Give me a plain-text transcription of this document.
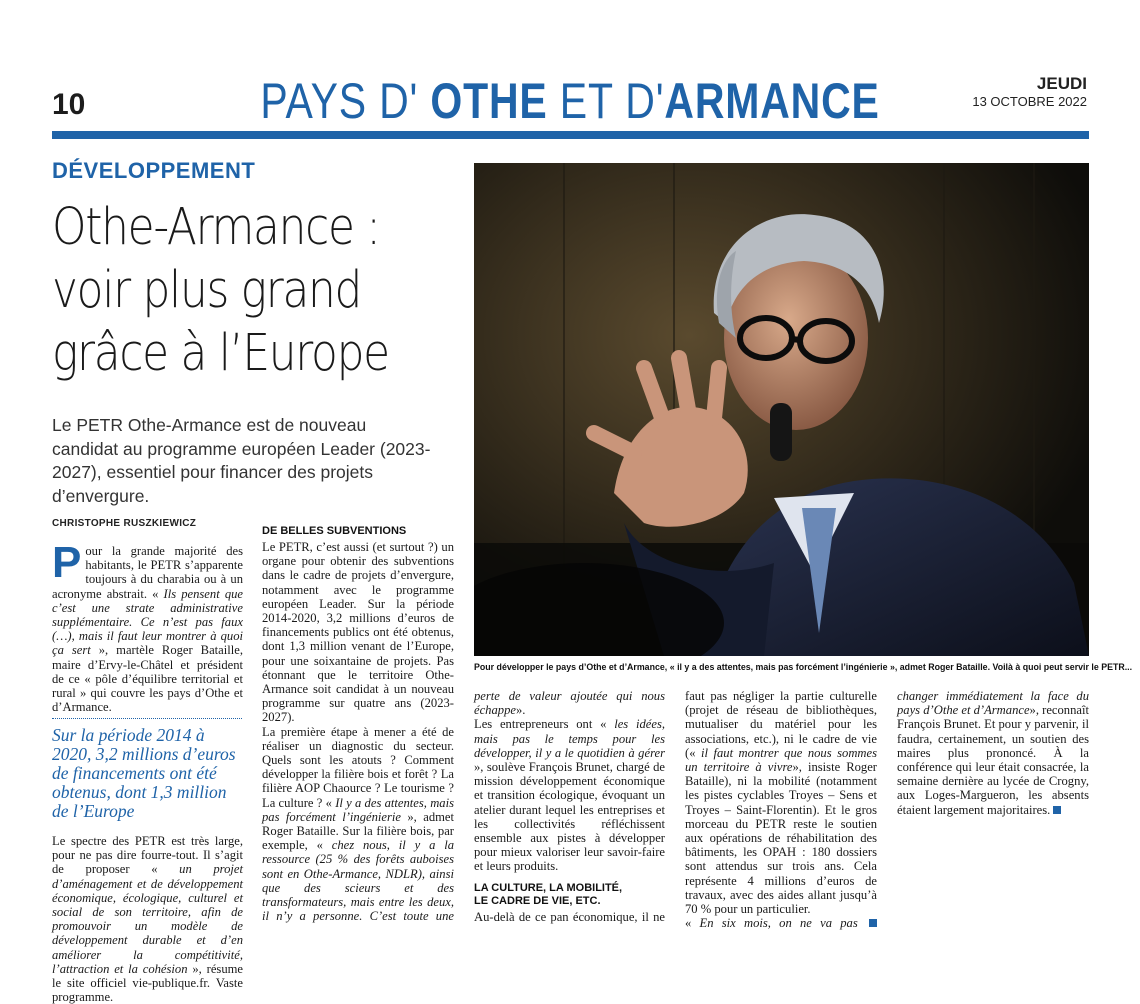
10	PAYS D' OTHE ET D'ARMANCE	JEUDI
13 OCTOBRE 2022
DÉVELOPPEMENT
Othe-Armance :
voir plus grand
grâce à l’Europe
Le PETR Othe-Armance est de nouveau candidat au programme européen Leader (2023-2027), essentiel pour financer des projets d’envergure.
CHRISTOPHE RUSZKIEWICZ

Pour la grande majorité des habitants, le PETR s’apparente toujours à du charabia ou à un acronyme abstrait. « Ils pensent que c’est une strate administrative supplémentaire. Ce n’est pas faux (…), mais il faut leur montrer à quoi ça sert », martèle Roger Bataille, maire d’Ervy-le-Châtel et président de ce « pôle d’équilibre territorial et rural » qui couvre les pays d’Othe et d’Armance.

Sur la période 2014 à 2020, 3,2 millions d’euros de financements ont été obtenus, dont 1,3 million de l’Europe

Le spectre des PETR est très large, pour ne pas dire fourre-tout. Il s’agit de proposer « un projet d’aménagement et de développement économique, écologique, culturel et social de son territoire, afin de promouvoir un modèle de développement durable et d’en améliorer la compétitivité, l’attraction et la cohésion », résume le site officiel vie-publique.fr. Vaste programme.

DE BELLES SUBVENTIONS

Le PETR, c’est aussi (et surtout ?) un organe pour obtenir des subventions dans le cadre de projets d’envergure, notamment avec le programme européen Leader. Sur la période 2014-2020, 3,2 millions d’euros de financements publics ont été obtenus, dont 1,3 million venant de l’Europe, pour une soixantaine de projets. Pas étonnant que le territoire Othe-Armance soit candidat à un nouveau programme sur quatre ans (2023-2027).

La première étape à mener a été de réaliser un diagnostic du secteur. Quels sont les atouts ? Comment développer la filière bois et forêt ? La filière AOP Chaource ? Le tourisme ? La culture ? « Il y a des attentes, mais pas forcément l’ingénierie », admet Roger Bataille. Sur la filière bois, par exemple, « chez nous, il y a la ressource (25 % des forêts auboises sont en Othe-Armance, NDLR), ainsi que des scieurs et des transformateurs, mais entre les deux, il n’y a personne. C’est toute une

Pour développer le pays d’Othe et d’Armance, « il y a des attentes, mais pas forcément l’ingénierie », admet Roger Bataille. Voilà à quoi peut servir le PETR...

perte de valeur ajoutée qui nous échappe».

Les entrepreneurs ont « les idées, mais pas le temps pour les développer, il y a le quotidien à gérer », soulève François Brunet, chargé de mission développement économique et transition écologique, évoquant un atelier durant lequel les entreprises et les collectivités réfléchissent ensemble aux pistes à développer pour mieux valoriser leur savoir-faire et leurs produits.

LA CULTURE, LA MOBILITÉ,
LE CADRE DE VIE, ETC.

Au-delà de ce pan économique, il ne

faut pas négliger la partie culturelle (projet de réseau de bibliothèques, mutualiser du matériel pour les associations, etc.), ni le cadre de vie (« il faut montrer que nous sommes un territoire à vivre», insiste Roger Bataille), ni la mobilité (notamment les pistes cyclables Troyes – Sens et Troyes – Saint-Florentin). Et le gros morceau du PETR reste le soutien aux opérations de réhabilitation des bâtiments, les OPAH : 180 dossiers sont attendus sur trois ans. Cela représente 4 millions d’euros de travaux, avec des aides allant jusqu’à 70 % pour un particulier.

« En six mois, on ne va pas

changer immédiatement la face du pays d’Othe et d’Armance», reconnaît François Brunet. Et pour y parvenir, il faudra, certainement, un soutien des maires plus prononcé. À la conférence qui leur était consacrée, la semaine dernière au lycée de Crogny, aux Loges-Margueron, les absents étaient largement majoritaires.
